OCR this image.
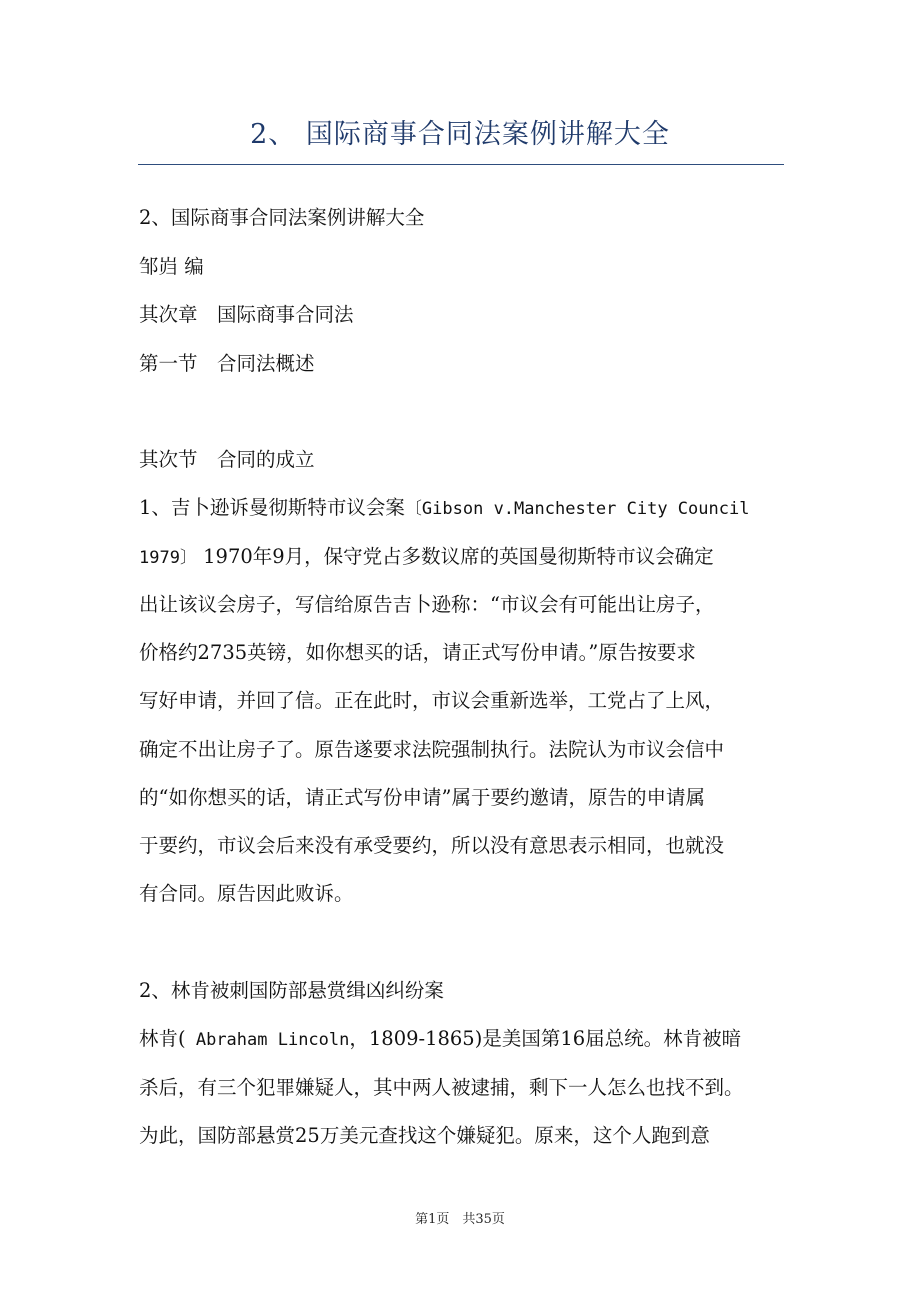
2、 国际商事合同法案例讲解大全
2、国际商事合同法案例讲解大全
邹岿 编
其次章　国际商事合同法
第一节　合同法概述
其次节　合同的成立
1、吉卜逊诉曼彻斯特市议会案〔Gibson v.Manchester City Council
1979〕 1970年9月，保守党占多数议席的英国曼彻斯特市议会确定
出让该议会房子，写信给原告吉卜逊称：“市议会有可能出让房子，
价格约2735英镑，如你想买的话，请正式写份申请。”原告按要求
写好申请，并回了信。正在此时，市议会重新选举，工党占了上风，
确定不出让房子了。原告遂要求法院强制执行。法院认为市议会信中
的“如你想买的话，请正式写份申请”属于要约邀请，原告的申请属
于要约，市议会后来没有承受要约，所以没有意思表示相同，也就没
有合同。原告因此败诉。
2、林肯被刺国防部悬赏缉凶纠纷案
林肯( Abraham Lincoln，1809-1865)是美国第16届总统。林肯被暗
杀后，有三个犯罪嫌疑人，其中两人被逮捕，剩下一人怎么也找不到。
为此，国防部悬赏25万美元查找这个嫌疑犯。原来，这个人跑到意
第1页　共35页
